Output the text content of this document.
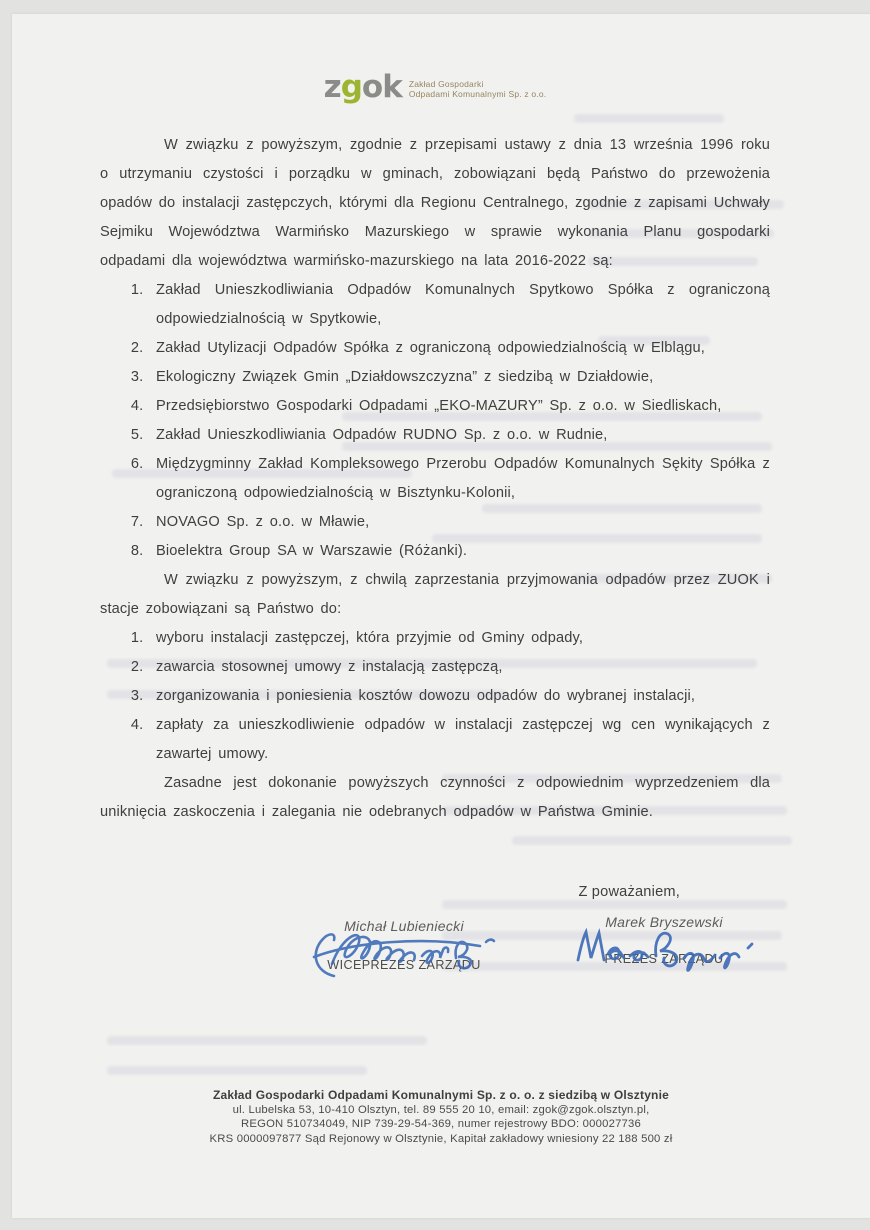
zgok Zakład Gospodarki
Odpadami Komunalnymi Sp. z o.o.

W związku z powyższym, zgodnie z przepisami ustawy z dnia 13 września 1996 roku o utrzymaniu czystości i porządku w gminach, zobowiązani będą Państwo do przewożenia opadów do instalacji zastępczych, którymi dla Regionu Centralnego, zgodnie z zapisami Uchwały Sejmiku Województwa Warmińsko Mazurskiego w sprawie wykonania Planu gospodarki odpadami dla województwa warmińsko-mazurskiego na lata 2016-2022 są:

1. Zakład Unieszkodliwiania Odpadów Komunalnych Spytkowo Spółka z ograniczoną odpowiedzialnością w Spytkowie,
2. Zakład Utylizacji Odpadów Spółka z ograniczoną odpowiedzialnością w Elblągu,
3. Ekologiczny Związek Gmin „Działdowszczyzna” z siedzibą w Działdowie,
4. Przedsiębiorstwo Gospodarki Odpadami „EKO-MAZURY” Sp. z o.o. w Siedliskach,
5. Zakład Unieszkodliwiania Odpadów RUDNO Sp. z o.o. w Rudnie,
6. Międzygminny Zakład Kompleksowego Przerobu Odpadów Komunalnych Sękity Spółka z ograniczoną odpowiedzialnością w Bisztynku-Kolonii,
7. NOVAGO Sp. z o.o. w Mławie,
8. Bioelektra Group SA w Warszawie (Różanki).

W związku z powyższym, z chwilą zaprzestania przyjmowania odpadów przez ZUOK i stacje zobowiązani są Państwo do:

1. wyboru instalacji zastępczej, która przyjmie od Gminy odpady,
2. zawarcia stosownej umowy z instalacją zastępczą,
3. zorganizowania i poniesienia kosztów dowozu odpadów do wybranej instalacji,
4. zapłaty za unieszkodliwienie odpadów w instalacji zastępczej wg cen wynikających z zawartej umowy.

Zasadne jest dokonanie powyższych czynności z odpowiednim wyprzedzeniem dla uniknięcia zaskoczenia i zalegania nie odebranych odpadów w Państwa Gminie.

Z poważaniem,
Michał Lubieniecki
WICEPREZES ZARZĄDU
Marek Bryszewski
PREZES ZARZĄDU
Zakład Gospodarki Odpadami Komunalnymi Sp. z o. o. z siedzibą w Olsztynie
ul. Lubelska 53, 10-410 Olsztyn, tel. 89 555 20 10, email: zgok@zgok.olsztyn.pl,
REGON 510734049, NIP 739-29-54-369, numer rejestrowy BDO: 000027736
KRS 0000097877 Sąd Rejonowy w Olsztynie, Kapitał zakładowy wniesiony 22 188 500 zł
